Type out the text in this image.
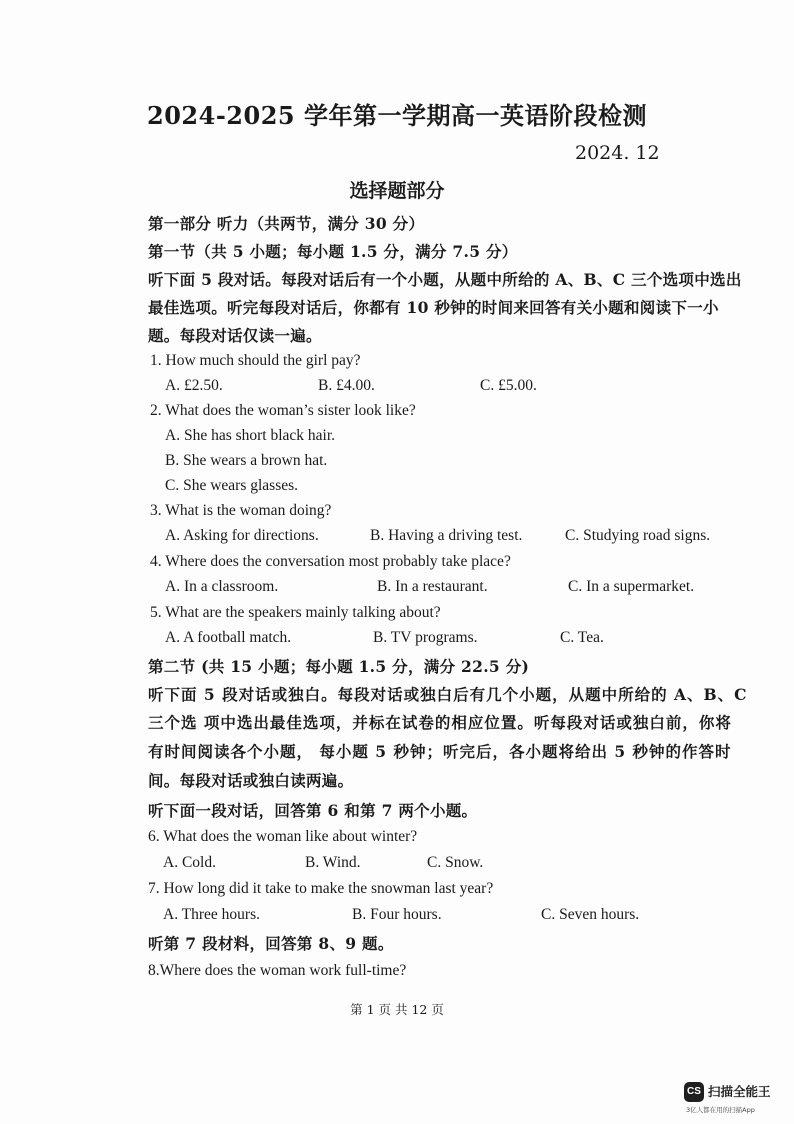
2024-2025 学年第一学期高一英语阶段检测
2024. 12
选择题部分
第一部分 听力（共两节，满分 30 分）
第一节（共 5 小题；每小题 1.5 分，满分 7.5 分）
听下面 5 段对话。每段对话后有一个小题，从题中所给的 A、B、C 三个选项中选出
最佳选项。听完每段对话后，你都有 10 秒钟的时间来回答有关小题和阅读下一小
题。每段对话仅读一遍。
1. How much should the girl pay?
A. £2.50.	B. £4.00.	C. £5.00.
2. What does the woman’s sister look like?
A. She has short black hair.
B. She wears a brown hat.
C. She wears glasses.
3. What is the woman doing?
A. Asking for directions.	B. Having a driving test.	C. Studying road signs.
4. Where does the conversation most probably take place?
A. In a classroom.	B. In a restaurant.	C. In a supermarket.
5. What are the speakers mainly talking about?
A. A football match.	B. TV programs.	C. Tea.
第二节 (共 15 小题；每小题 1.5 分，满分 22.5 分)
听下面 5 段对话或独白。每段对话或独白后有几个小题，从题中所给的 A、B、C
三个选 项中选出最佳选项，并标在试卷的相应位置。听每段对话或独白前，你将
有时间阅读各个小题， 每小题 5 秒钟；听完后，各小题将给出 5 秒钟的作答时
间。每段对话或独白读两遍。
听下面一段对话，回答第 6 和第 7 两个小题。
6. What does the woman like about winter?
A. Cold.	B. Wind.	C. Snow.
7. How long did it take to make the snowman last year?
A. Three hours.	B. Four hours.	C. Seven hours.
听第 7 段材料，回答第 8、9 题。
8.Where does the woman work full-time?
第 1 页 共 12 页
CS 扫描全能王
3亿人都在用的扫描App
